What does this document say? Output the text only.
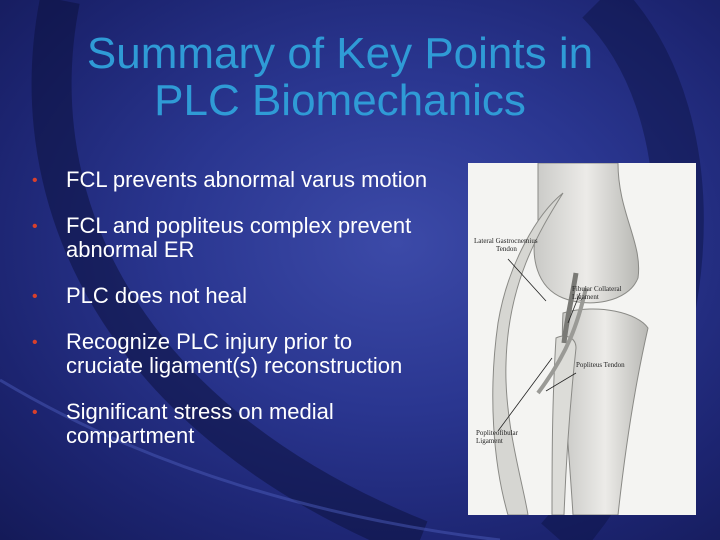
Summary of Key Points in
PLC Biomechanics
• FCL prevents abnormal varus motion
• FCL and popliteus complex prevent abnormal ER
• PLC does not heal
• Recognize PLC injury prior to cruciate ligament(s) reconstruction
• Significant stress on medial compartment
Lateral Gastrocnemius
Tendon
Fibular Collateral
Ligament
Popliteus Tendon
Popliteofibular
Ligament
